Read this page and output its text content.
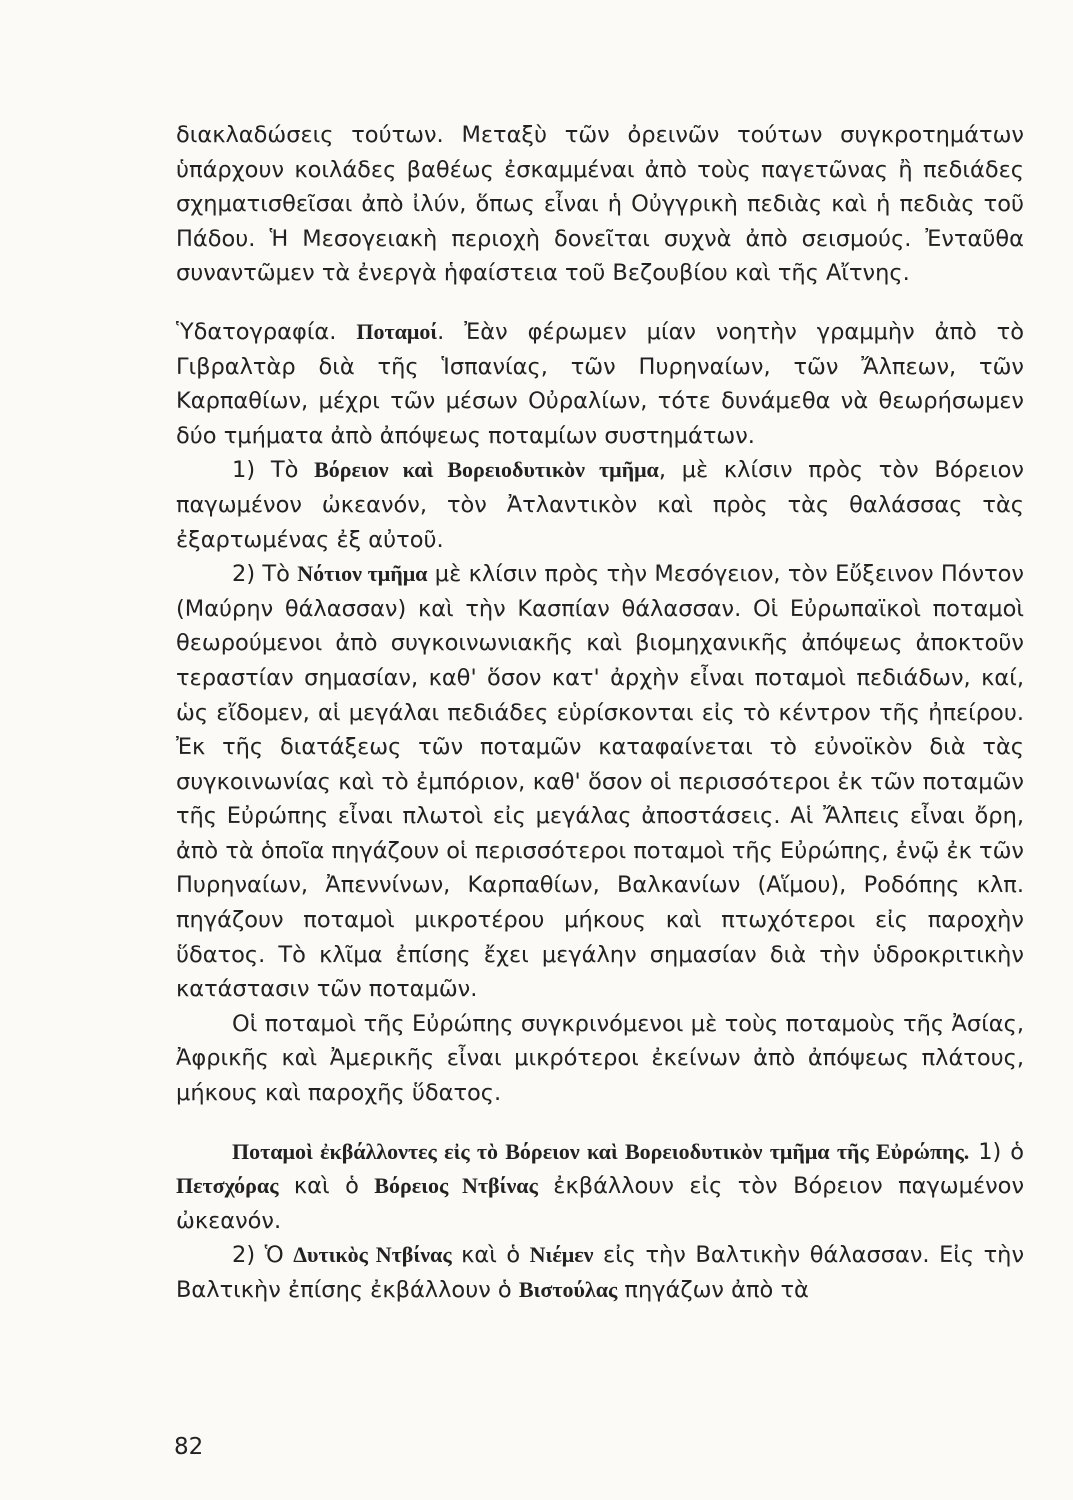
διακλαδώσεις τούτων. Μεταξὺ τῶν ὀρεινῶν τούτων συγκροτημάτων ὑπάρχουν κοιλάδες βαθέως ἐσκαμμέναι ἀπὸ τοὺς παγετῶνας ἢ πεδιάδες σχηματισθεῖσαι ἀπὸ ἰλύν, ὅπως εἶναι ἡ Οὐγγρικὴ πεδιὰς καὶ ἡ πεδιὰς τοῦ Πάδου. Ἡ Μεσογειακὴ περιοχὴ δονεῖται συχνὰ ἀπὸ σεισμούς. Ἐνταῦθα συναντῶμεν τὰ ἐνεργὰ ἡφαίστεια τοῦ Βεζουβίου καὶ τῆς Αἴτνης.

Ὑδατογραφία. Ποταμοί. Ἐὰν φέρωμεν μίαν νοητὴν γραμμὴν ἀπὸ τὸ Γιβραλτὰρ διὰ τῆς Ἱσπανίας, τῶν Πυρηναίων, τῶν Ἄλπεων, τῶν Καρπαθίων, μέχρι τῶν μέσων Οὐραλίων, τότε δυνάμεθα νὰ θεωρήσωμεν δύο τμήματα ἀπὸ ἀπόψεως ποταμίων συστημάτων.

1) Τὸ Βόρειον καὶ Βορειοδυτικὸν τμῆμα, μὲ κλίσιν πρὸς τὸν Βόρειον παγωμένον ὠκεανόν, τὸν Ἀτλαντικὸν καὶ πρὸς τὰς θαλάσσας τὰς ἐξαρτωμένας ἐξ αὐτοῦ.

2) Τὸ Νότιον τμῆμα μὲ κλίσιν πρὸς τὴν Μεσόγειον, τὸν Εὔξεινον Πόντον (Μαύρην θάλασσαν) καὶ τὴν Κασπίαν θάλασσαν. Οἱ Εὐρωπαϊκοὶ ποταμοὶ θεωρούμενοι ἀπὸ συγκοινωνιακῆς καὶ βιομηχανικῆς ἀπόψεως ἀποκτοῦν τεραστίαν σημασίαν, καθ' ὅσον κατ' ἀρχὴν εἶναι ποταμοὶ πεδιάδων, καί, ὡς εἴδομεν, αἱ μεγάλαι πεδιάδες εὑρίσκονται εἰς τὸ κέντρον τῆς ἠπείρου. Ἐκ τῆς διατάξεως τῶν ποταμῶν καταφαίνεται τὸ εὐνοϊκὸν διὰ τὰς συγκοινωνίας καὶ τὸ ἐμπόριον, καθ' ὅσον οἱ περισσότεροι ἐκ τῶν ποταμῶν τῆς Εὐρώπης εἶναι πλωτοὶ εἰς μεγάλας ἀποστάσεις. Αἱ Ἄλπεις εἶναι ὄρη, ἀπὸ τὰ ὁποῖα πηγάζουν οἱ περισσότεροι ποταμοὶ τῆς Εὐρώπης, ἐνῷ ἐκ τῶν Πυρηναίων, Ἀπεννίνων, Καρπαθίων, Βαλκανίων (Αἵμου), Ροδόπης κλπ. πηγάζουν ποταμοὶ μικροτέρου μήκους καὶ πτωχότεροι εἰς παροχὴν ὕδατος. Τὸ κλῖμα ἐπίσης ἔχει μεγάλην σημασίαν διὰ τὴν ὑδροκριτικὴν κατάστασιν τῶν ποταμῶν.

Οἱ ποταμοὶ τῆς Εὐρώπης συγκρινόμενοι μὲ τοὺς ποταμοὺς τῆς Ἀσίας, Ἀφρικῆς καὶ Ἀμερικῆς εἶναι μικρότεροι ἐκείνων ἀπὸ ἀπόψεως πλάτους, μήκους καὶ παροχῆς ὕδατος.

Ποταμοὶ ἐκβάλλοντες εἰς τὸ Βόρειον καὶ Βορειοδυτικὸν τμῆμα τῆς Εὐρώπης. 1) ὁ Πετσχόρας καὶ ὁ Βόρειος Ντβίνας ἐκβάλλουν εἰς τὸν Βόρειον παγωμένον ὠκεανόν.

2) Ὁ Δυτικὸς Ντβίνας καὶ ὁ Νιέμεν εἰς τὴν Βαλτικὴν θάλασσαν. Εἰς τὴν Βαλτικὴν ἐπίσης ἐκβάλλουν ὁ Βιστούλας πηγάζων ἀπὸ τὰ

82
